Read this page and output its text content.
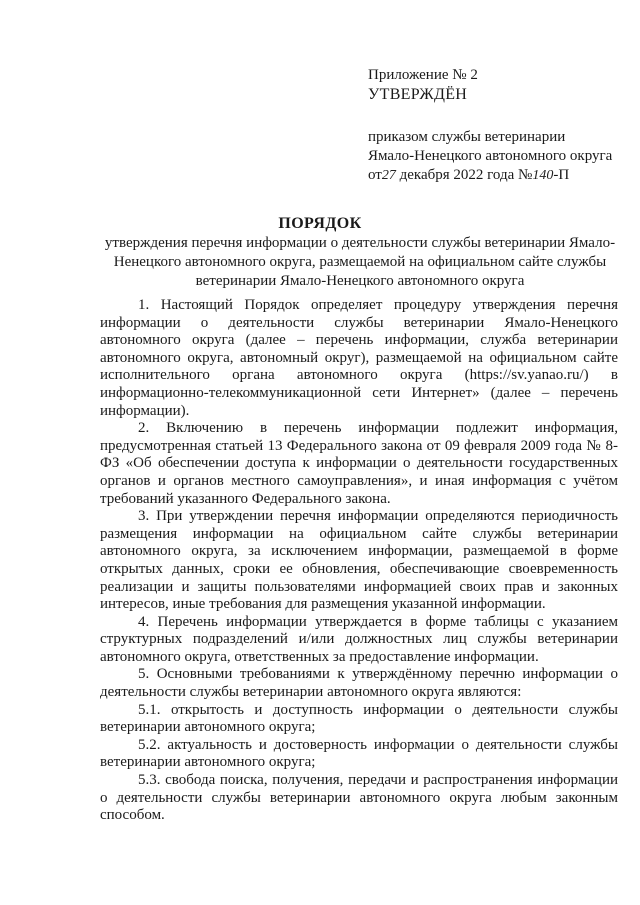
Приложение № 2
УТВЕРЖДЁН
приказом службы ветеринарии
Ямало-Ненецкого автономного округа
от27 декабря 2022 года №140-П
ПОРЯДОК
утверждения перечня информации о деятельности службы ветеринарии Ямало-Ненецкого автономного округа, размещаемой на официальном сайте службы ветеринарии Ямало-Ненецкого автономного округа

1. Настоящий Порядок определяет процедуру утверждения перечня информации о деятельности службы ветеринарии Ямало-Ненецкого автономного округа (далее – перечень информации, служба ветеринарии автономного округа, автономный округ), размещаемой на официальном сайте исполнительного органа автономного округа (https://sv.yanao.ru/) в информационно-телекоммуникационной сети Интернет» (далее – перечень информации).

2. Включению в перечень информации подлежит информация, предусмотренная статьей 13 Федерального закона от 09 февраля 2009 года № 8-ФЗ «Об обеспечении доступа к информации о деятельности государственных органов и органов местного самоуправления», и иная информация с учётом требований указанного Федерального закона.

3. При утверждении перечня информации определяются периодичность размещения информации на официальном сайте службы ветеринарии автономного округа, за исключением информации, размещаемой в форме открытых данных, сроки ее обновления, обеспечивающие своевременность реализации и защиты пользователями информацией своих прав и законных интересов, иные требования для размещения указанной информации.

4. Перечень информации утверждается в форме таблицы с указанием структурных подразделений и/или должностных лиц службы ветеринарии автономного округа, ответственных за предоставление информации.

5. Основными требованиями к утверждённому перечню информации о деятельности службы ветеринарии автономного округа являются:

5.1. открытость и доступность информации о деятельности службы ветеринарии автономного округа;

5.2. актуальность и достоверность информации о деятельности службы ветеринарии автономного округа;

5.3. свобода поиска, получения, передачи и распространения информации о деятельности службы ветеринарии автономного округа любым законным способом.
